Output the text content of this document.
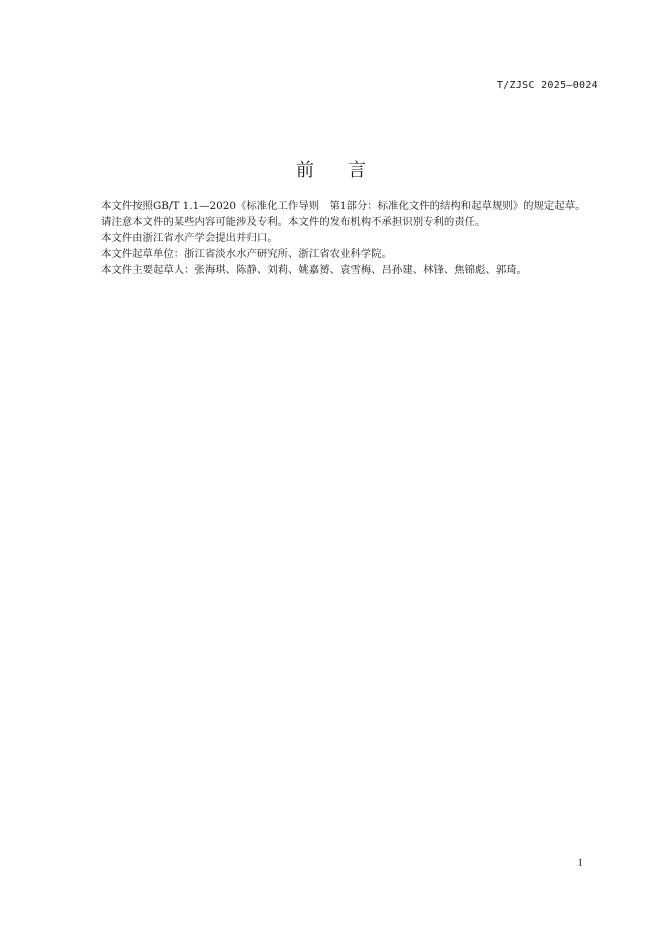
T/ZJSC 2025—0024
前 言

本文件按照GB/T 1.1—2020《标准化工作导则　第1部分：标准化文件的结构和起草规则》的规定起草。

请注意本文件的某些内容可能涉及专利。本文件的发布机构不承担识别专利的责任。

本文件由浙江省水产学会提出并归口。

本文件起草单位：浙江省淡水水产研究所、浙江省农业科学院。

本文件主要起草人：张海琪、陈静、刘莉、姚嘉赟、袁雪梅、吕孙建、林锋、焦锦彪、郭琦。

I
